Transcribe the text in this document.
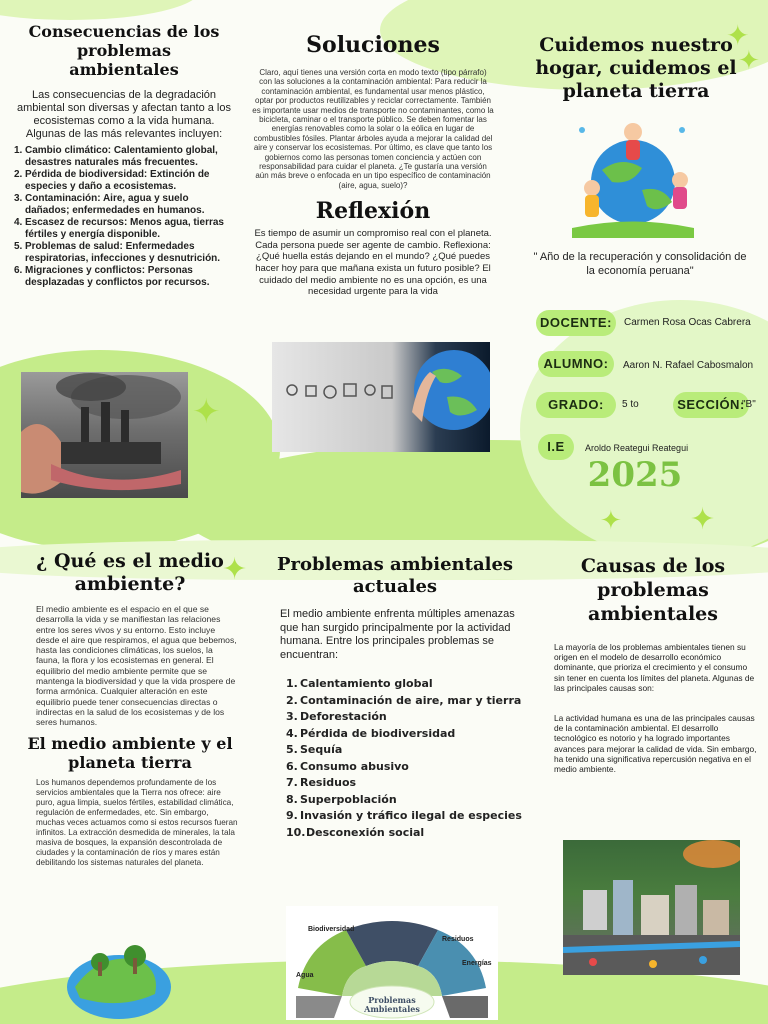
✦
✦
✦
✦ ✦
✦
Consecuencias de los problemas ambientales

Las consecuencias de la degradación ambiental son diversas y afectan tanto a los ecosistemas como a la vida humana. Algunas de las más relevantes incluyen:

1. Cambio climático: Calentamiento global, desastres naturales más frecuentes.
2. Pérdida de biodiversidad: Extinción de especies y daño a ecosistemas.
3. Contaminación: Aire, agua y suelo dañados; enfermedades en humanos.
4. Escasez de recursos: Menos agua, tierras fértiles y energía disponible.
5. Problemas de salud: Enfermedades respiratorias, infecciones y desnutrición.
6. Migraciones y conflictos: Personas desplazadas y conflictos por recursos.
Soluciones

Claro, aquí tienes una versión corta en modo texto (tipo párrafo) con las soluciones a la contaminación ambiental: Para reducir la contaminación ambiental, es fundamental usar menos plástico, optar por productos reutilizables y reciclar correctamente. También es importante usar medios de transporte no contaminantes, como la bicicleta, caminar o el transporte público. Se deben fomentar las energías renovables como la solar o la eólica en lugar de combustibles fósiles. Plantar árboles ayuda a mejorar la calidad del aire y conservar los ecosistemas. Por último, es clave que tanto los gobiernos como las personas tomen conciencia y actúen con responsabilidad para cuidar el planeta. ¿Te gustaría una versión aún más breve o enfocada en un tipo específico de contaminación (aire, agua, suelo)?

Reflexión

Es tiempo de asumir un compromiso real con el planeta. Cada persona puede ser agente de cambio. Reflexiona: ¿Qué huella estás dejando en el mundo? ¿Qué puedes hacer hoy para que mañana exista un futuro posible? El cuidado del medio ambiente no es una opción, es una necesidad urgente para la vida

Cuidemos nuestro hogar, cuidemos el planeta tierra

" Año de la recuperación y consolidación de la economía peruana"

DOCENTE:	Carmen Rosa Ocas Cabrera
ALUMNO:	Aaron N. Rafael Cabosmalon
GRADO:	5 to	SECCIÓN:
"B"
I.E	Aroldo Reategui Reategui
2025
¿ Qué es el medio ambiente?

El medio ambiente es el espacio en el que se desarrolla la vida y se manifiestan las relaciones entre los seres vivos y su entorno. Esto incluye desde el aire que respiramos, el agua que bebemos, hasta las condiciones climáticas, los suelos, la fauna, la flora y los ecosistemas en general. El equilibrio del medio ambiente permite que se mantenga la biodiversidad y que la vida prospere de forma armónica. Cualquier alteración en este equilibrio puede tener consecuencias directas o indirectas en la salud de los ecosistemas y de los seres humanos.

El medio ambiente y el planeta tierra

Los humanos dependemos profundamente de los servicios ambientales que la Tierra nos ofrece: aire puro, agua limpia, suelos fértiles, estabilidad climática, regulación de enfermedades, etc. Sin embargo, muchas veces actuamos como si estos recursos fueran infinitos. La extracción desmedida de minerales, la tala masiva de bosques, la expansión descontrolada de ciudades y la contaminación de ríos y mares están debilitando los sistemas naturales del planeta.

Problemas ambientales actuales

El medio ambiente enfrenta múltiples amenazas que han surgido principalmente por la actividad humana. Entre los principales problemas se encuentran:

1. Calentamiento global
2. Contaminación de aire, mar y tierra
3. Deforestación
4. Pérdida de biodiversidad
5. Sequía
6. Consumo abusivo
7. Residuos
8. Superpoblación
9. Invasión y tráfico ilegal de especies
10. Desconexión social
Biodiversidad
Residuos
Agua
Energías
Problemas Ambientales
Causas de los problemas ambientales

La mayoría de los problemas ambientales tienen su origen en el modelo de desarrollo económico dominante, que prioriza el crecimiento y el consumo sin tener en cuenta los límites del planeta. Algunas de las principales causas son:

La actividad humana es una de las principales causas de la contaminación ambiental. El desarrollo tecnológico es notorio y ha logrado importantes avances para mejorar la calidad de vida. Sin embargo, ha tenido una significativa repercusión negativa en el medio ambiente.
